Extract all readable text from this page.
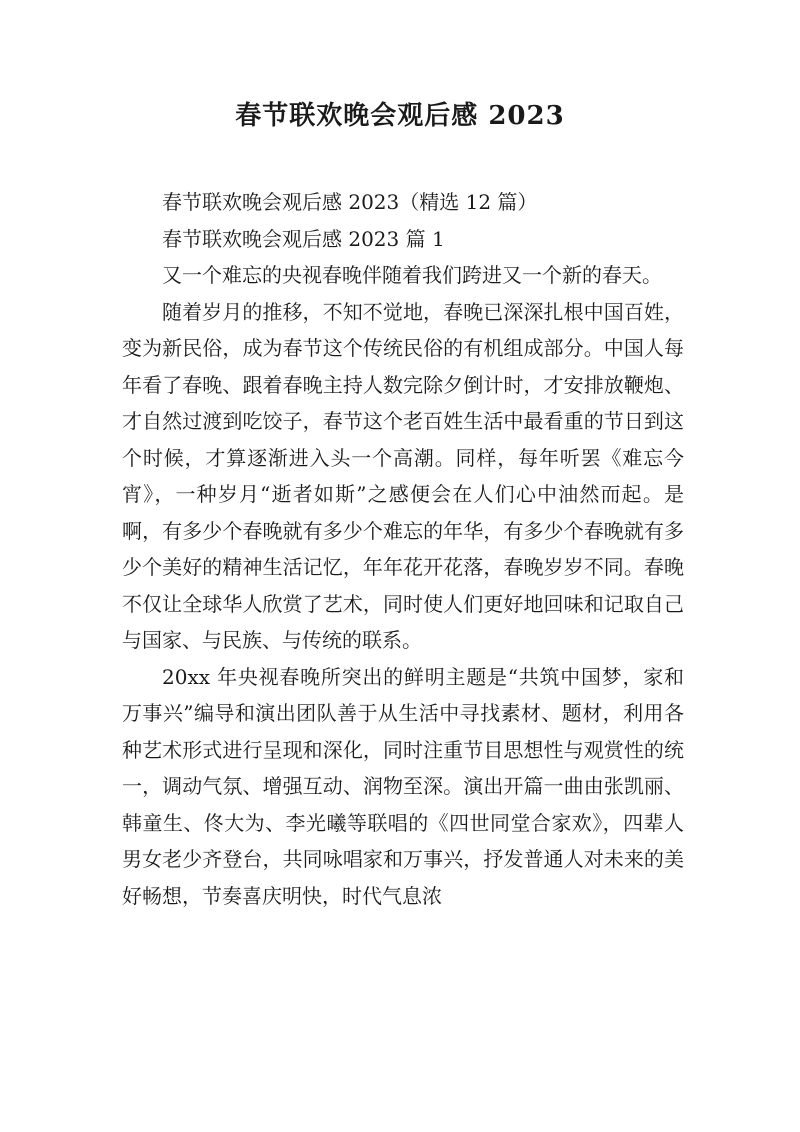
春节联欢晚会观后感 2023

春节联欢晚会观后感 2023（精选 12 篇）

春节联欢晚会观后感 2023 篇 1

又一个难忘的央视春晚伴随着我们跨进又一个新的春天。

随着岁月的推移，不知不觉地，春晚已深深扎根中国百姓，变为新民俗，成为春节这个传统民俗的有机组成部分。中国人每年看了春晚、跟着春晚主持人数完除夕倒计时，才安排放鞭炮、才自然过渡到吃饺子，春节这个老百姓生活中最看重的节日到这个时候，才算逐渐进入头一个高潮。同样，每年听罢《难忘今宵》，一种岁月“逝者如斯”之感便会在人们心中油然而起。是啊，有多少个春晚就有多少个难忘的年华，有多少个春晚就有多少个美好的精神生活记忆，年年花开花落，春晚岁岁不同。春晚不仅让全球华人欣赏了艺术，同时使人们更好地回味和记取自己与国家、与民族、与传统的联系。

20xx 年央视春晚所突出的鲜明主题是“共筑中国梦，家和万事兴”编导和演出团队善于从生活中寻找素材、题材，利用各种艺术形式进行呈现和深化，同时注重节目思想性与观赏性的统一，调动气氛、增强互动、润物至深。演出开篇一曲由张凯丽、韩童生、佟大为、李光曦等联唱的《四世同堂合家欢》，四辈人男女老少齐登台，共同咏唱家和万事兴，抒发普通人对未来的美好畅想，节奏喜庆明快，时代气息浓
